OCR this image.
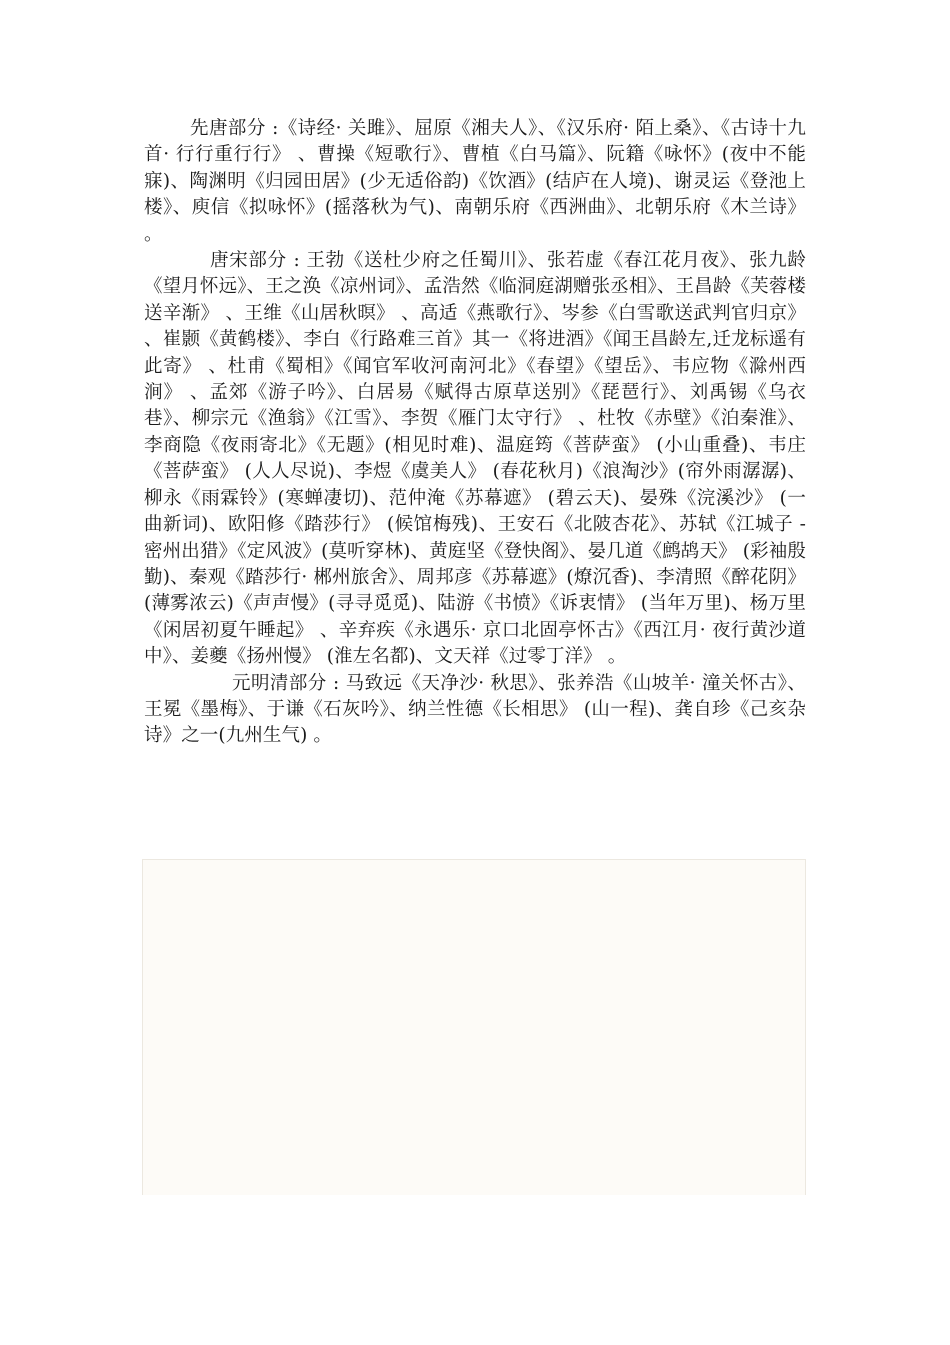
先唐部分 :《诗经· 关雎》、屈原《湘夫人》、《汉乐府· 陌上桑》、《古诗十九首· 行行重行行》 、曹操《短歌行》、曹植《白马篇》、阮籍《咏怀》(夜中不能寐)、陶渊明《归园田居》(少无适俗韵)《饮酒》(结庐在人境)、谢灵运《登池上楼》、庾信《拟咏怀》(摇落秋为气)、南朝乐府《西洲曲》、北朝乐府《木兰诗》 。

唐宋部分 : 王勃《送杜少府之任蜀川》、张若虚《春江花月夜》、张九龄《望月怀远》、王之涣《凉州词》、孟浩然《临洞庭湖赠张丞相》、王昌龄《芙蓉楼送辛渐》 、王维《山居秋暝》 、高适《燕歌行》、岑参《白雪歌送武判官归京》 、崔颢《黄鹤楼》、李白《行路难三首》其一《将进酒》《闻王昌龄左,迁龙标遥有此寄》 、杜甫《蜀相》《闻官军收河南河北》《春望》《望岳》、韦应物《滁州西涧》 、孟郊《游子吟》、白居易《赋得古原草送别》《琵琶行》、刘禹锡《乌衣巷》、柳宗元《渔翁》《江雪》、李贺《雁门太守行》 、杜牧《赤壁》《泊秦淮》、李商隐《夜雨寄北》《无题》(相见时难)、温庭筠《菩萨蛮》 (小山重叠)、韦庄《菩萨蛮》 (人人尽说)、李煜《虞美人》 (春花秋月)《浪淘沙》(帘外雨潺潺)、柳永《雨霖铃》(寒蝉凄切)、范仲淹《苏幕遮》 (碧云天)、晏殊《浣溪沙》 (一曲新词)、欧阳修《踏莎行》 (候馆梅残)、王安石《北陂杏花》、苏轼《江城子 - 密州出猎》《定风波》(莫听穿林)、黄庭坚《登快阁》、晏几道《鹧鸪天》 (彩袖殷勤)、秦观《踏莎行· 郴州旅舍》、周邦彦《苏幕遮》(燎沉香)、李清照《醉花阴》 (薄雾浓云)《声声慢》(寻寻觅觅)、陆游《书愤》《诉衷情》 (当年万里)、杨万里《闲居初夏午睡起》 、辛弃疾《永遇乐· 京口北固亭怀古》《西江月· 夜行黄沙道中》、姜夔《扬州慢》 (淮左名都)、文天祥《过零丁洋》 。

元明清部分 : 马致远《天净沙· 秋思》、张养浩《山坡羊· 潼关怀古》、王冕《墨梅》、于谦《石灰吟》、纳兰性德《长相思》 (山一程)、龚自珍《己亥杂诗》之一(九州生气) 。
